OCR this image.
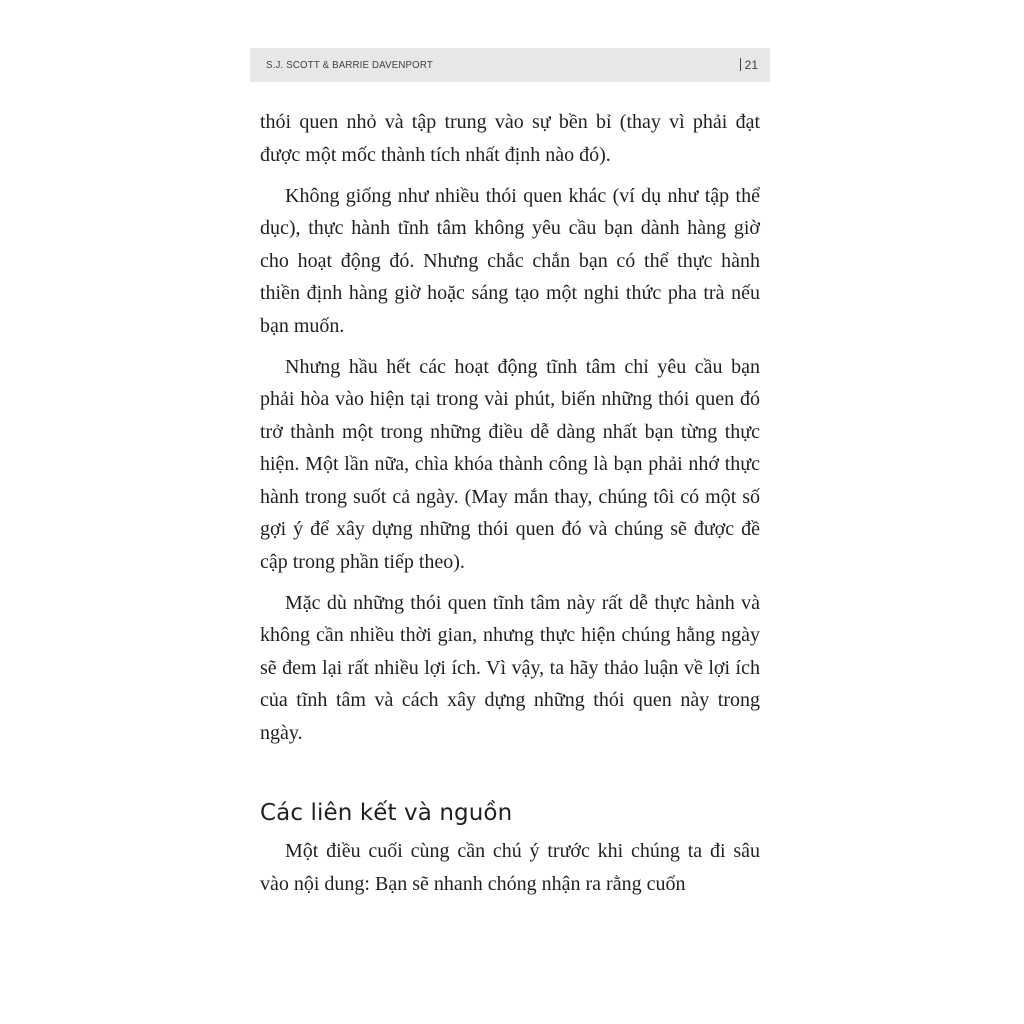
S.J. SCOTT & BARRIE DAVENPORT	21

thói quen nhỏ và tập trung vào sự bền bỉ (thay vì phải đạt được một mốc thành tích nhất định nào đó).

Không giống như nhiều thói quen khác (ví dụ như tập thể dục), thực hành tĩnh tâm không yêu cầu bạn dành hàng giờ cho hoạt động đó. Nhưng chắc chắn bạn có thể thực hành thiền định hàng giờ hoặc sáng tạo một nghi thức pha trà nếu bạn muốn.

Nhưng hầu hết các hoạt động tĩnh tâm chỉ yêu cầu bạn phải hòa vào hiện tại trong vài phút, biến những thói quen đó trở thành một trong những điều dễ dàng nhất bạn từng thực hiện. Một lần nữa, chìa khóa thành công là bạn phải nhớ thực hành trong suốt cả ngày. (May mắn thay, chúng tôi có một số gợi ý để xây dựng những thói quen đó và chúng sẽ được đề cập trong phần tiếp theo).

Mặc dù những thói quen tĩnh tâm này rất dễ thực hành và không cần nhiều thời gian, nhưng thực hiện chúng hằng ngày sẽ đem lại rất nhiều lợi ích. Vì vậy, ta hãy thảo luận về lợi ích của tĩnh tâm và cách xây dựng những thói quen này trong ngày.

Các liên kết và nguồn

Một điều cuối cùng cần chú ý trước khi chúng ta đi sâu vào nội dung: Bạn sẽ nhanh chóng nhận ra rằng cuốn
